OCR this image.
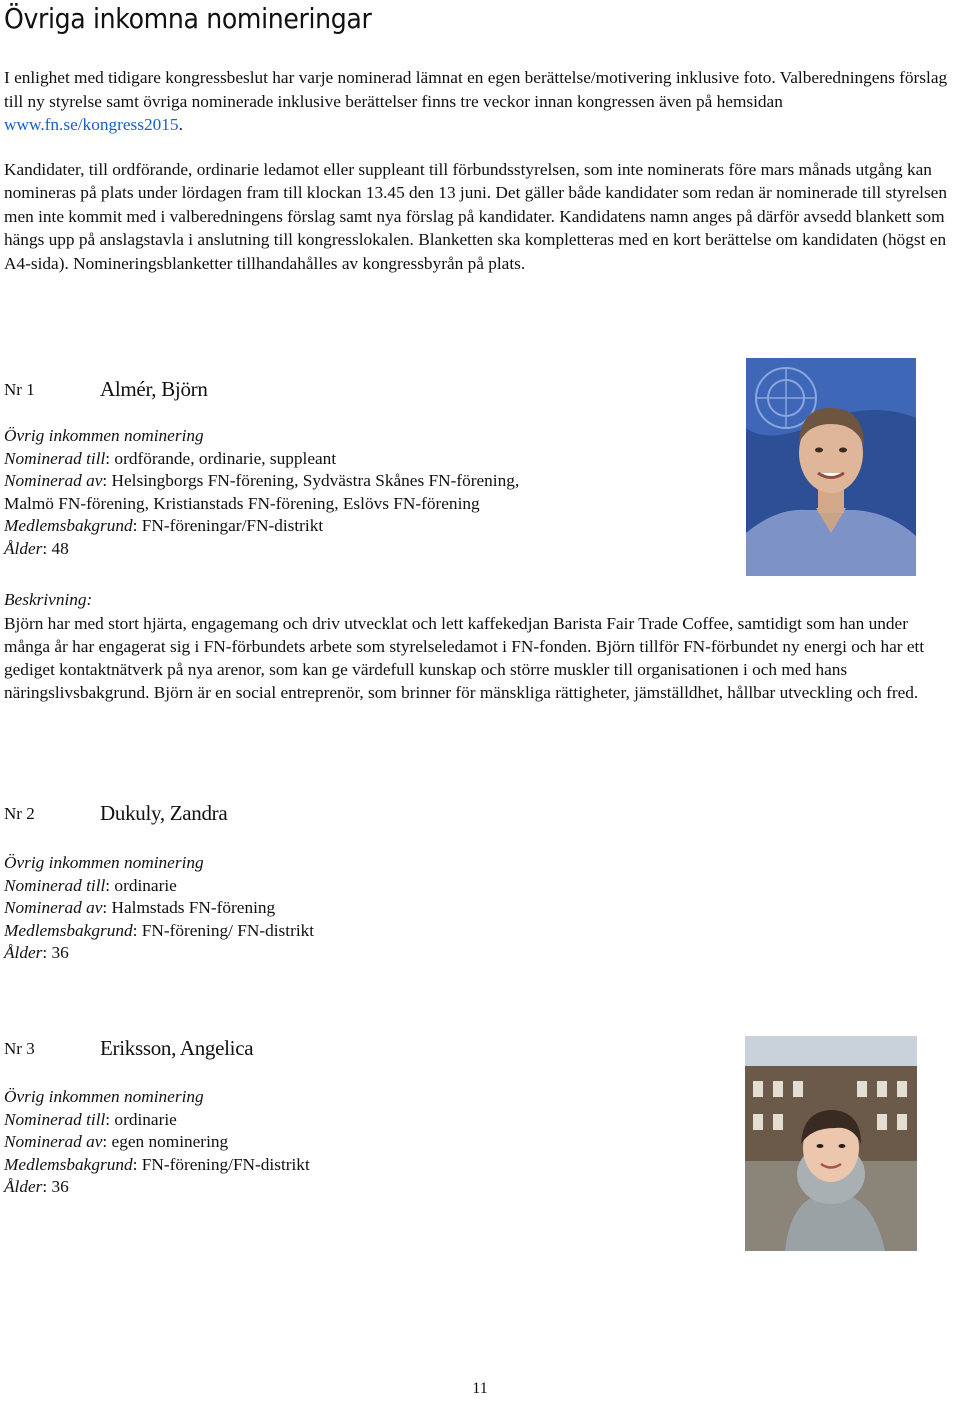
Övriga inkomna nomineringar

I enlighet med tidigare kongressbeslut har varje nominerad lämnat en egen berättelse/motivering inklusive foto. Valberedningens förslag till ny styrelse samt övriga nominerade inklusive berättelser finns tre veckor innan kongressen även på hemsidan www.fn.se/kongress2015.

Kandidater, till ordförande, ordinarie ledamot eller suppleant till förbundsstyrelsen, som inte nominerats före mars månads utgång kan nomineras på plats under lördagen fram till klockan 13.45 den 13 juni. Det gäller både kandidater som redan är nominerade till styrelsen men inte kommit med i valberedningens förslag samt nya förslag på kandidater. Kandidatens namn anges på därför avsedd blankett som hängs upp på anslagstavla i anslutning till kongresslokalen. Blanketten ska kompletteras med en kort berättelse om kandidaten (högst en A4-sida). Nomineringsblanketter tillhandahålles av kongressbyrån på plats.

Nr 1	Almér, Björn
Övrig inkommen nominering
Nominerad till: ordförande, ordinarie, suppleant
Nominerad av: Helsingborgs FN-förening, Sydvästra Skånes FN-förening,
Malmö FN-förening, Kristianstads FN-förening, Eslövs FN-förening
Medlemsbakgrund: FN-föreningar/FN-distrikt
Ålder: 48
Beskrivning:

Björn har med stort hjärta, engagemang och driv utvecklat och lett kaffekedjan Barista Fair Trade Coffee, samtidigt som han under många år har engagerat sig i FN-förbundets arbete som styrelseledamot i FN-fonden. Björn tillför FN-förbundet ny energi och har ett gediget kontaktnätverk på nya arenor, som kan ge värdefull kunskap och större muskler till organisationen i och med hans näringslivsbakgrund. Björn är en social entreprenör, som brinner för mänskliga rättigheter, jämställdhet, hållbar utveckling och fred.

Nr 2	Dukuly, Zandra
Övrig inkommen nominering
Nominerad till: ordinarie
Nominerad av: Halmstads FN-förening
Medlemsbakgrund: FN-förening/ FN-distrikt
Ålder: 36
Nr 3	Eriksson, Angelica
Övrig inkommen nominering
Nominerad till: ordinarie
Nominerad av: egen nominering
Medlemsbakgrund: FN-förening/FN-distrikt
Ålder: 36
11
